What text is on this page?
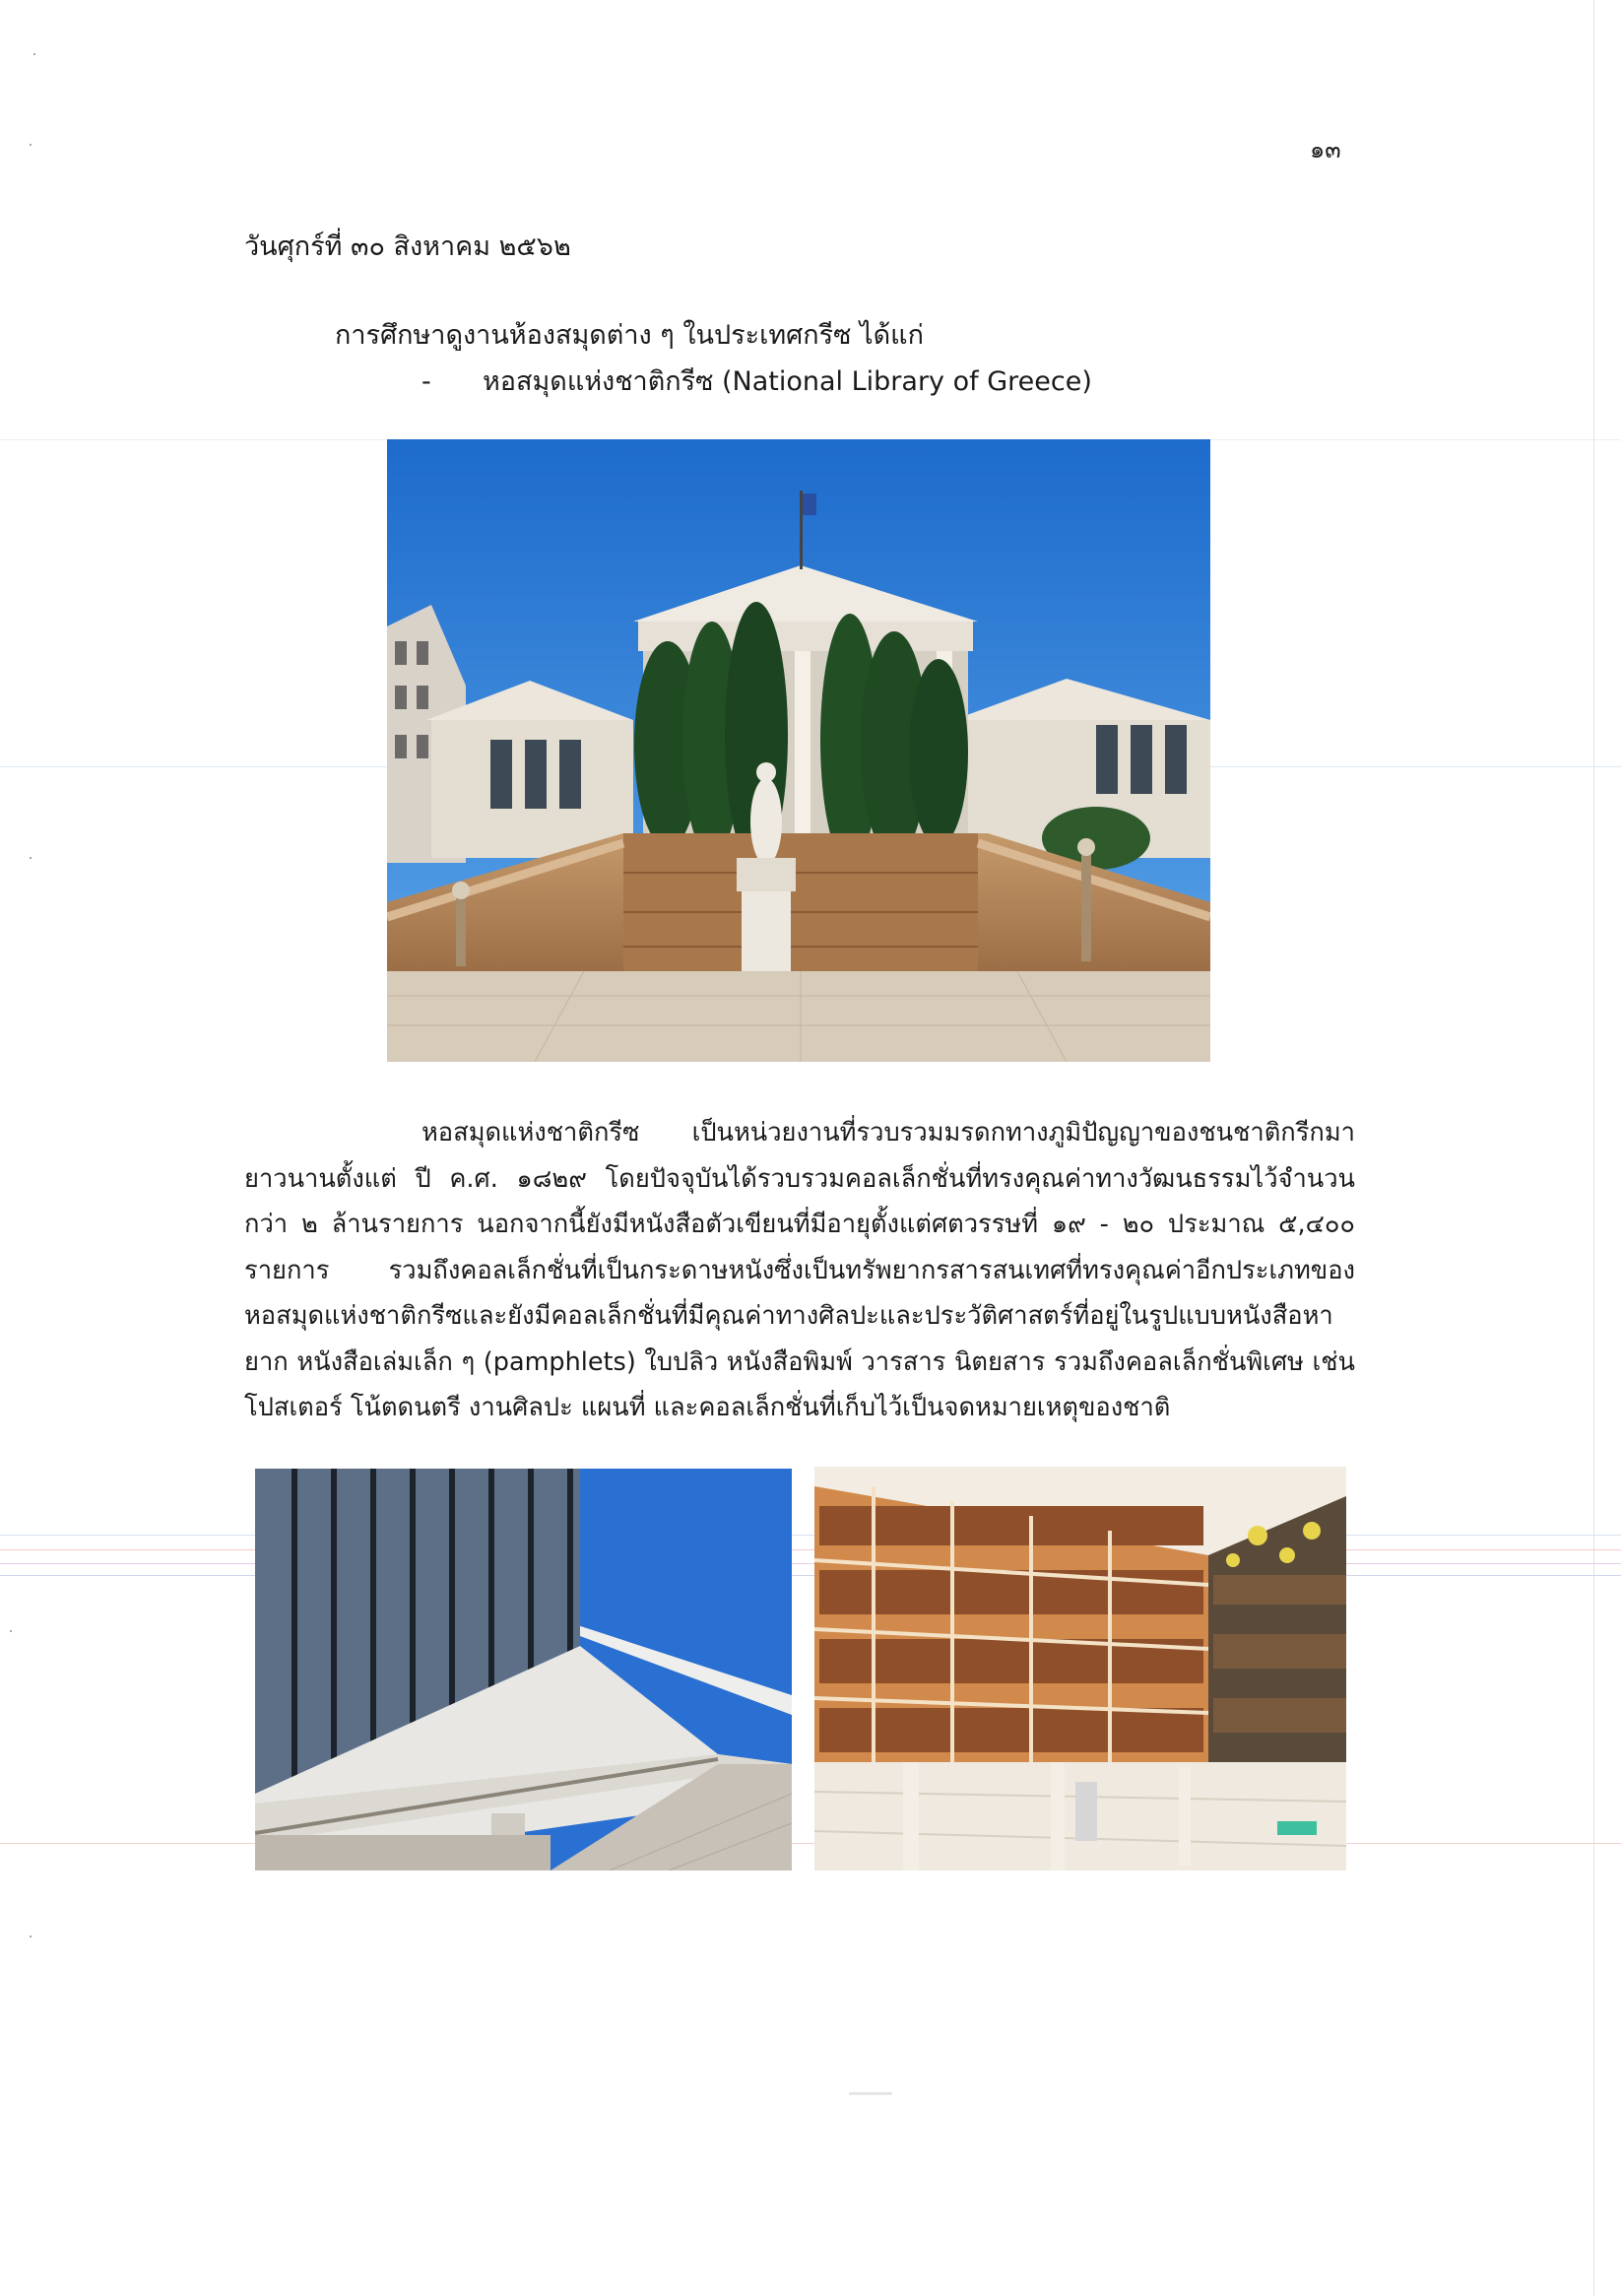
๑๓
วันศุกร์ที่ ๓๐ สิงหาคม ๒๕๖๒
การศึกษาดูงานห้องสมุดต่าง ๆ ในประเทศกรีซ ได้แก่
- หอสมุดแห่งชาติกรีซ (National Library of Greece)
หอสมุดแห่งชาติกรีซ เป็นหน่วยงานที่รวบรวมมรดกทางภูมิปัญญาของชนชาติกรีกมายาวนานตั้งแต่ ปี ค.ศ. ๑๘๒๙ โดยปัจจุบันได้รวบรวมคอลเล็กชั่นที่ทรงคุณค่าทางวัฒนธรรมไว้จำนวนกว่า ๒ ล้านรายการ นอกจากนี้ยังมีหนังสือตัวเขียนที่มีอายุตั้งแต่ศตวรรษที่ ๑๙ - ๒๐ ประมาณ ๕,๔๐๐ รายการ รวมถึงคอลเล็กชั่นที่เป็นกระดาษหนังซึ่งเป็นทรัพยากรสารสนเทศที่ทรงคุณค่าอีกประเภทของหอสมุดแห่งชาติกรีซและยังมีคอลเล็กชั่นที่มีคุณค่าทางศิลปะและประวัติศาสตร์ที่อยู่ในรูปแบบหนังสือหายาก หนังสือเล่มเล็ก ๆ (pamphlets) ใบปลิว หนังสือพิมพ์ วารสาร นิตยสาร รวมถึงคอลเล็กชั่นพิเศษ เช่น โปสเตอร์ โน้ตดนตรี งานศิลปะ แผนที่ และคอลเล็กชั่นที่เก็บไว้เป็นจดหมายเหตุของชาติ
